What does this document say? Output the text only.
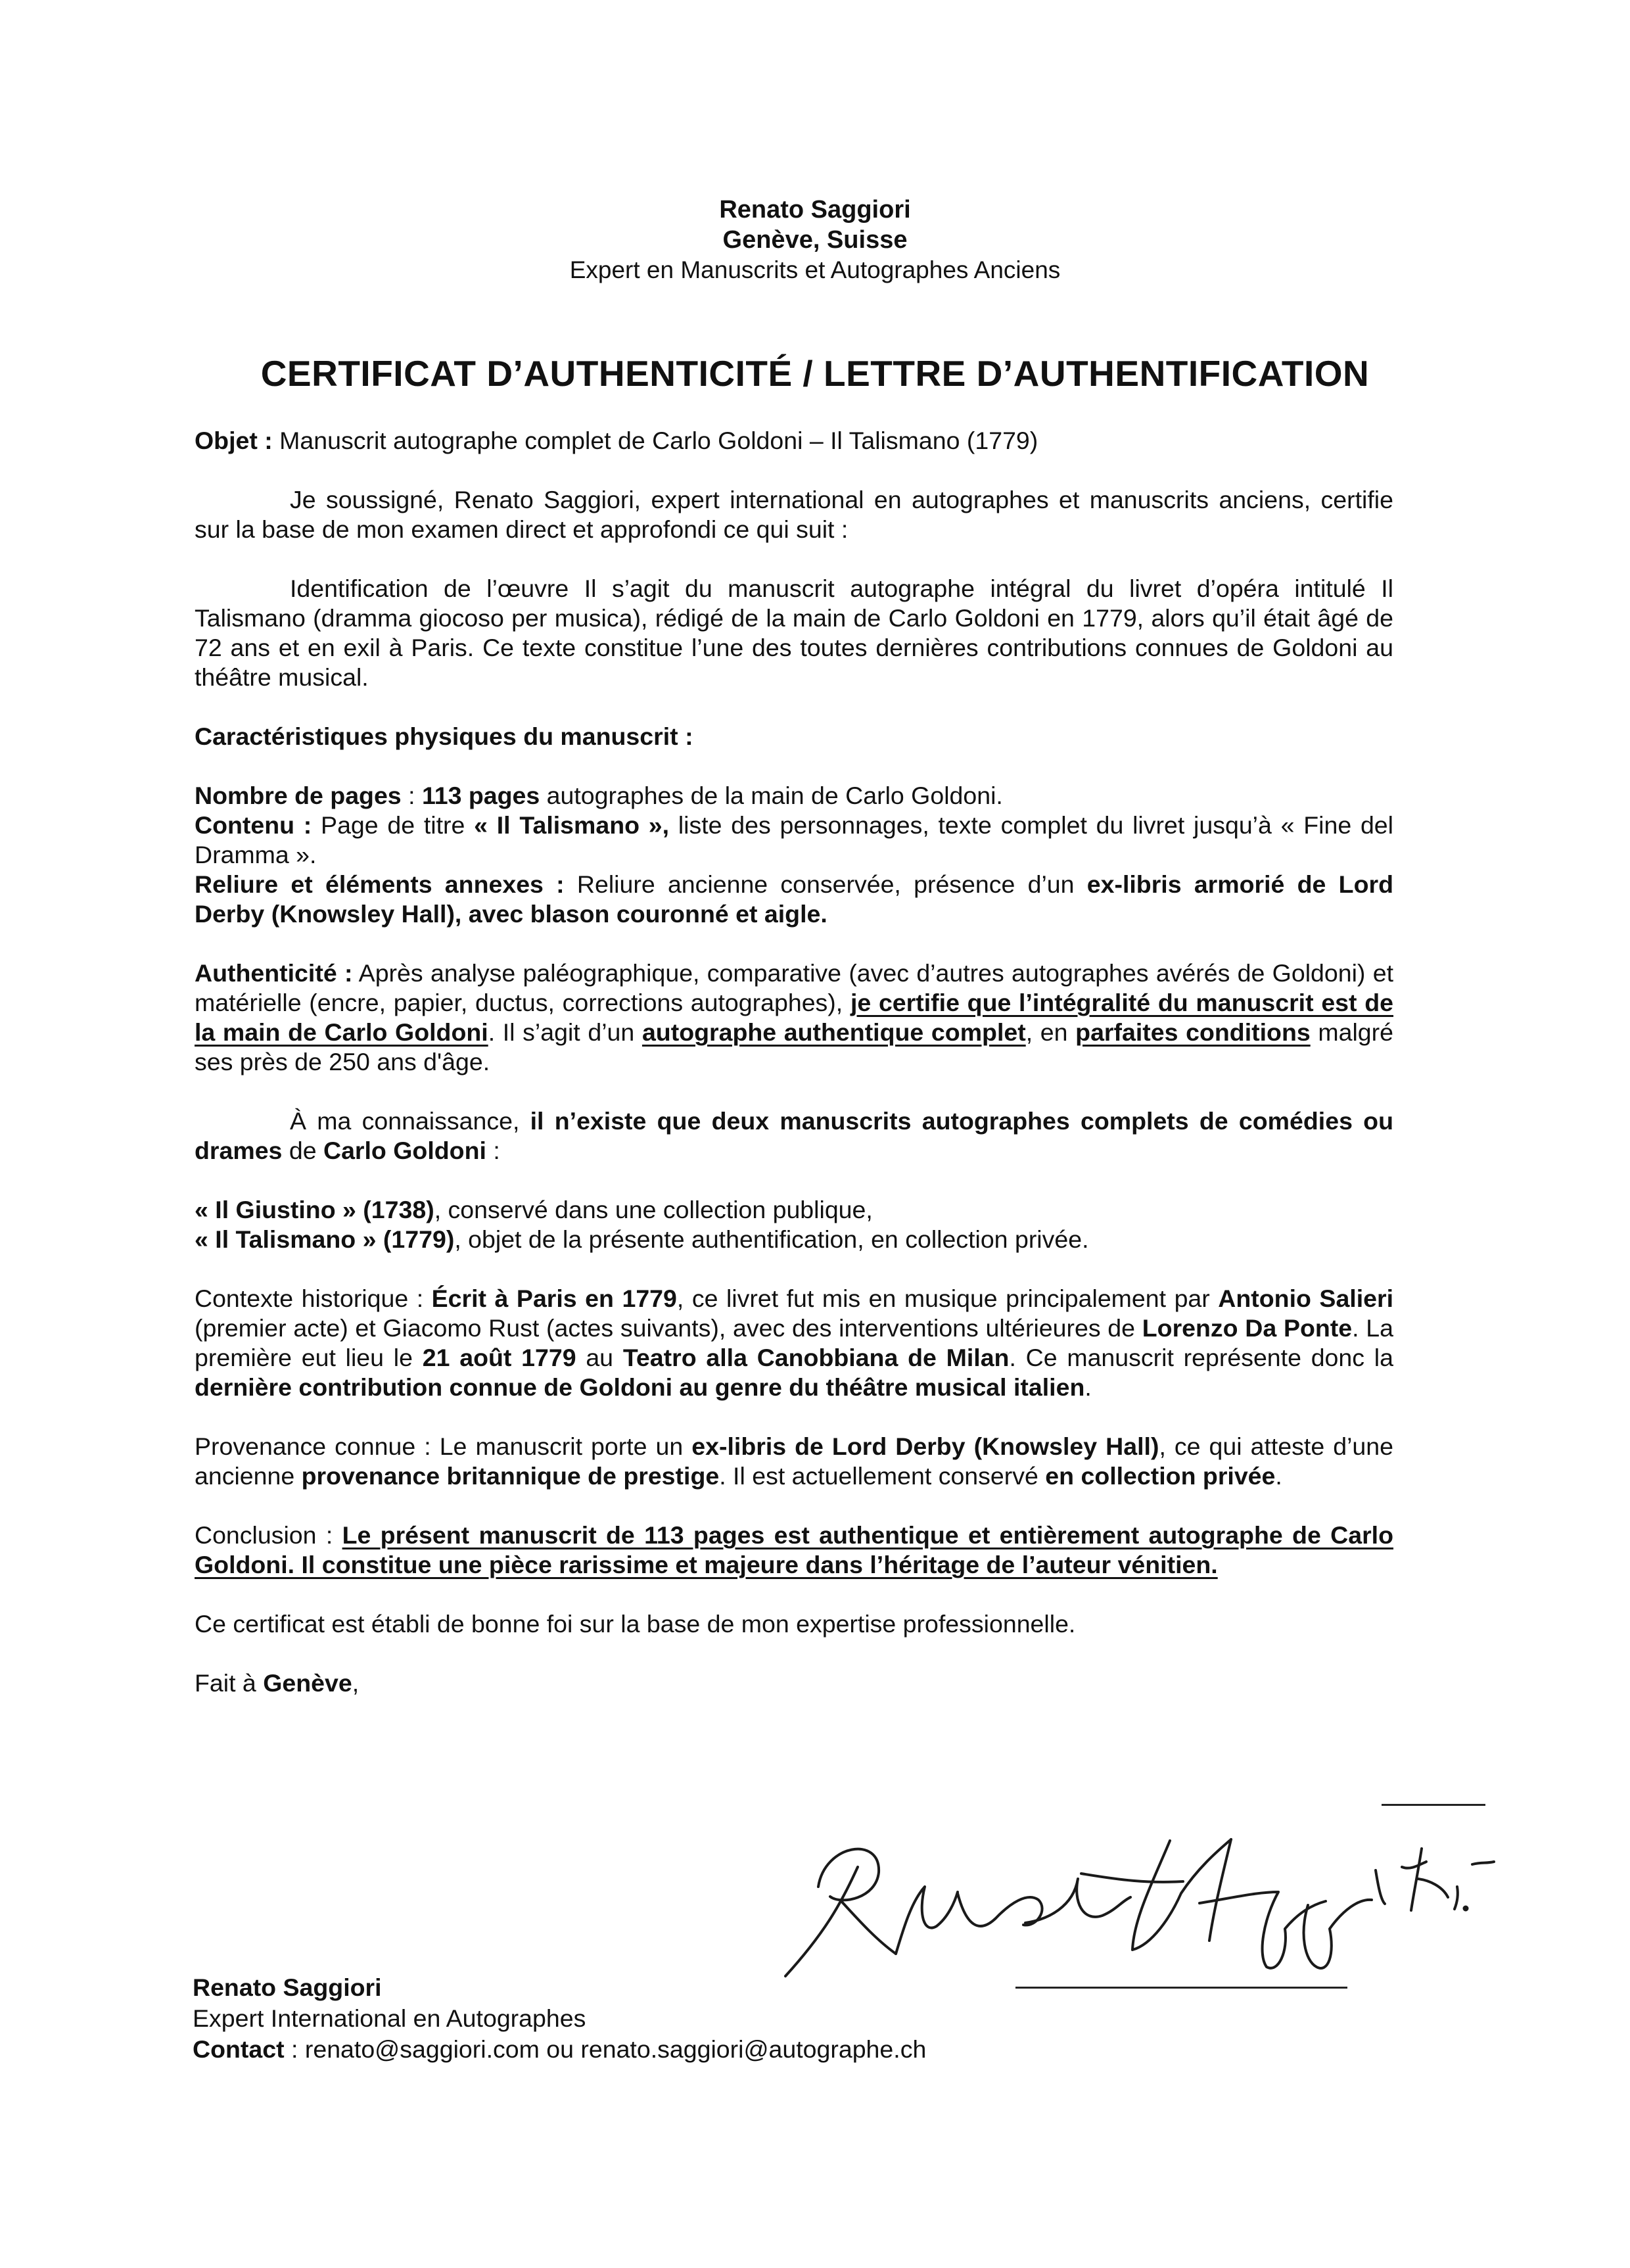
Renato Saggiori
Genève, Suisse
Expert en Manuscrits et Autographes Anciens
CERTIFICAT D’AUTHENTICITÉ / LETTRE D’AUTHENTIFICATION

Objet : Manuscrit autographe complet de Carlo Goldoni – Il Talismano (1779)

Je soussigné, Renato Saggiori, expert international en autographes et manuscrits anciens, certifie sur la base de mon examen direct et approfondi ce qui suit :

Identification de l’œuvre Il s’agit du manuscrit autographe intégral du livret d’opéra intitulé Il Talismano (dramma giocoso per musica), rédigé de la main de Carlo Goldoni en 1779, alors qu’il était âgé de 72 ans et en exil à Paris. Ce texte constitue l’une des toutes dernières contributions connues de Goldoni au théâtre musical.

Caractéristiques physiques du manuscrit :

Nombre de pages : 113 pages autographes de la main de Carlo Goldoni.

Contenu : Page de titre « Il Talismano », liste des personnages, texte complet du livret jusqu’à « Fine del Dramma ».

Reliure et éléments annexes : Reliure ancienne conservée, présence d’un ex-libris armorié de Lord Derby (Knowsley Hall), avec blason couronné et aigle.

Authenticité : Après analyse paléographique, comparative (avec d’autres autographes avérés de Goldoni) et matérielle (encre, papier, ductus, corrections autographes), je certifie que l’intégralité du manuscrit est de la main de Carlo Goldoni. Il s’agit d’un autographe authentique complet, en parfaites conditions malgré ses près de 250 ans d'âge.

À ma connaissance, il n’existe que deux manuscrits autographes complets de comédies ou drames de Carlo Goldoni :

« Il Giustino » (1738), conservé dans une collection publique,

« Il Talismano » (1779), objet de la présente authentification, en collection privée.

Contexte historique : Écrit à Paris en 1779, ce livret fut mis en musique principalement par Antonio Salieri (premier acte) et Giacomo Rust (actes suivants), avec des interventions ultérieures de Lorenzo Da Ponte. La première eut lieu le 21 août 1779 au Teatro alla Canobbiana de Milan. Ce manuscrit représente donc la dernière contribution connue de Goldoni au genre du théâtre musical italien.

Provenance connue : Le manuscrit porte un ex-libris de Lord Derby (Knowsley Hall), ce qui atteste d’une ancienne provenance britannique de prestige. Il est actuellement conservé en collection privée.

Conclusion : Le présent manuscrit de 113 pages est authentique et entièrement autographe de Carlo Goldoni. Il constitue une pièce rarissime et majeure dans l’héritage de l’auteur vénitien.

Ce certificat est établi de bonne foi sur la base de mon expertise professionnelle.

Fait à Genève,

Renato Saggiori

Expert International en Autographes

Contact : renato@saggiori.com ou renato.saggiori@autographe.ch
